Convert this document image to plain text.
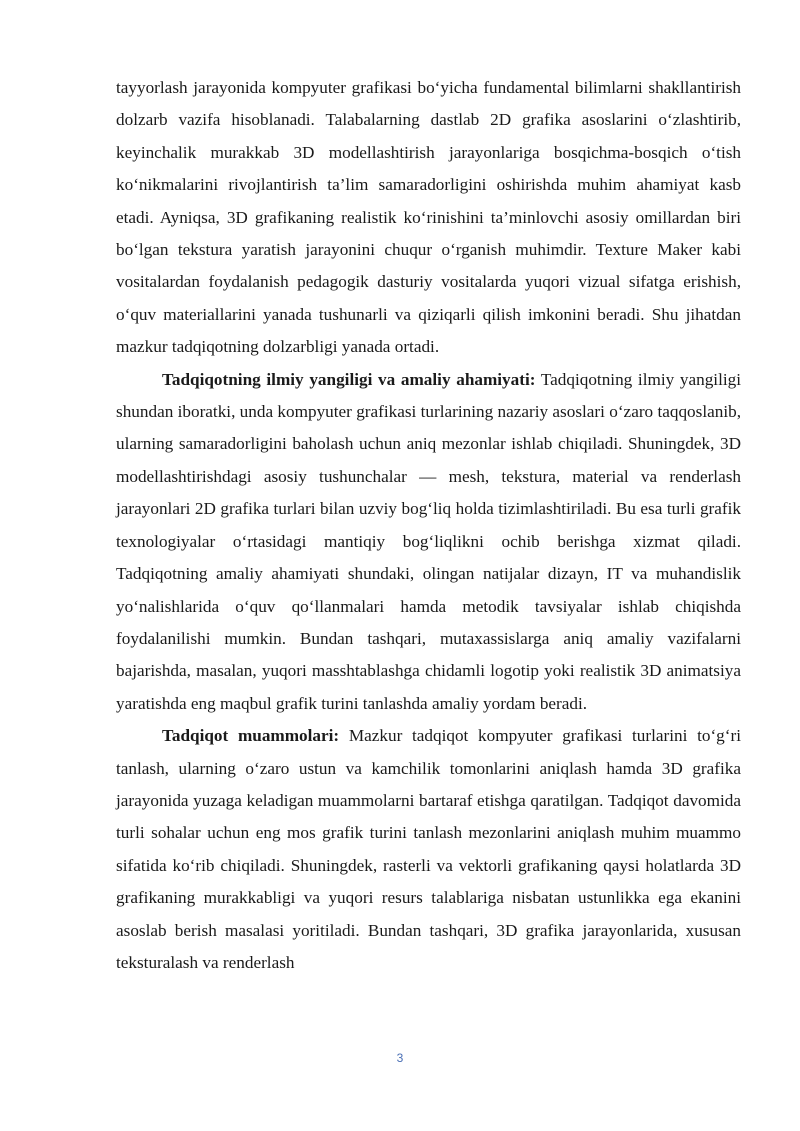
tayyorlash jarayonida kompyuter grafikasi bo‘yicha fundamental bilimlarni shakllantirish dolzarb vazifa hisoblanadi. Talabalarning dastlab 2D grafika asoslarini o‘zlashtirib, keyinchalik murakkab 3D modellashtirish jarayonlariga bosqichma-bosqich o‘tish ko‘nikmalarini rivojlantirish ta’lim samaradorligini oshirishda muhim ahamiyat kasb etadi. Ayniqsa, 3D grafikaning realistik ko‘rinishini ta’minlovchi asosiy omillardan biri bo‘lgan tekstura yaratish jarayonini chuqur o‘rganish muhimdir. Texture Maker kabi vositalardan foydalanish pedagogik dasturiy vositalarda yuqori vizual sifatga erishish, o‘quv materiallarini yanada tushunarli va qiziqarli qilish imkonini beradi. Shu jihatdan mazkur tadqiqotning dolzarbligi yanada ortadi.

Tadqiqotning ilmiy yangiligi va amaliy ahamiyati: Tadqiqotning ilmiy yangiligi shundan iboratki, unda kompyuter grafikasi turlarining nazariy asoslari o‘zaro taqqoslanib, ularning samaradorligini baholash uchun aniq mezonlar ishlab chiqiladi. Shuningdek, 3D modellashtirishdagi asosiy tushunchalar — mesh, tekstura, material va renderlash jarayonlari 2D grafika turlari bilan uzviy bog‘liq holda tizimlashtiriladi. Bu esa turli grafik texnologiyalar o‘rtasidagi mantiqiy bog‘liqlikni ochib berishga xizmat qiladi. Tadqiqotning amaliy ahamiyati shundaki, olingan natijalar dizayn, IT va muhandislik yo‘nalishlarida o‘quv qo‘llanmalari hamda metodik tavsiyalar ishlab chiqishda foydalanilishi mumkin. Bundan tashqari, mutaxassislarga aniq amaliy vazifalarni bajarishda, masalan, yuqori masshtablashga chidamli logotip yoki realistik 3D animatsiya yaratishda eng maqbul grafik turini tanlashda amaliy yordam beradi.

Tadqiqot muammolari: Mazkur tadqiqot kompyuter grafikasi turlarini to‘g‘ri tanlash, ularning o‘zaro ustun va kamchilik tomonlarini aniqlash hamda 3D grafika jarayonida yuzaga keladigan muammolarni bartaraf etishga qaratilgan. Tadqiqot davomida turli sohalar uchun eng mos grafik turini tanlash mezonlarini aniqlash muhim muammo sifatida ko‘rib chiqiladi. Shuningdek, rasterli va vektorli grafikaning qaysi holatlarda 3D grafikaning murakkabligi va yuqori resurs talablariga nisbatan ustunlikka ega ekanini asoslab berish masalasi yoritiladi. Bundan tashqari, 3D grafika jarayonlarida, xususan teksturalash va renderlash

3
